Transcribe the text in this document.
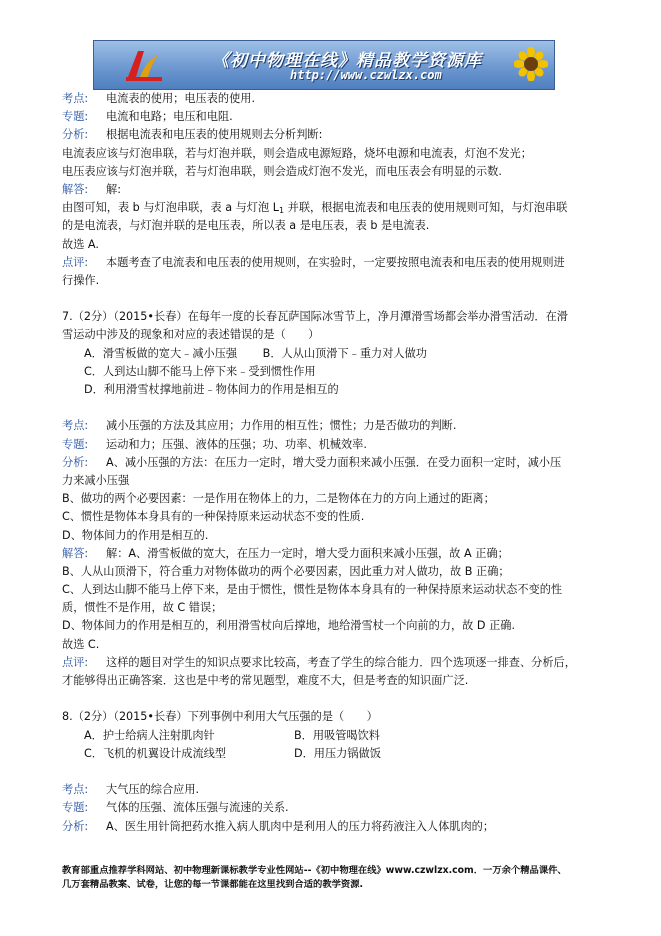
《初中物理在线》精品教学资源库
http://www.czwlzx.com
考点: 电流表的使用；电压表的使用.
专题: 电流和电路；电压和电阻.
分析: 根据电流表和电压表的使用规则去分析判断:
电流表应该与灯泡串联，若与灯泡并联，则会造成电源短路，烧坏电源和电流表，灯泡不发光；
电压表应该与灯泡并联，若与灯泡串联，则会造成灯泡不发光，而电压表会有明显的示数.
解答: 解:
由图可知，表 b 与灯泡串联，表 a 与灯泡 $L_1$ 并联，根据电流表和电压表的使用规则可知，与灯泡串联
的是电流表，与灯泡并联的是电压表，所以表 a 是电压表，表 b 是电流表.
故选 A.
点评: 本题考查了电流表和电压表的使用规则，在实验时，一定要按照电流表和电压表的使用规则进
行操作.
7.（2分）（2015•长春）在每年一度的长春瓦萨国际冰雪节上，净月潭滑雪场都会举办滑雪活动．在滑
雪运动中涉及的现象和对应的表述错误的是（　　）
A．滑雪板做的宽大﹣减小压强 B．人从山顶滑下﹣重力对人做功 C．人到达山脚不能马上停下来﹣受到惯性作用 D．利用滑雪杖撑地前进﹣物体间力的作用是相互的
考点: 减小压强的方法及其应用；力作用的相互性；惯性；力是否做功的判断.
专题: 运动和力；压强、液体的压强；功、功率、机械效率.
分析: A、减小压强的方法：在压力一定时，增大受力面积来减小压强．在受力面积一定时，减小压
力来减小压强
B、做功的两个必要因素：一是作用在物体上的力，二是物体在力的方向上通过的距离；
C、惯性是物体本身具有的一种保持原来运动状态不变的性质.
D、物体间力的作用是相互的.
解答: 解：A、滑雪板做的宽大，在压力一定时，增大受力面积来减小压强，故 A 正确；
B、人从山顶滑下，符合重力对物体做功的两个必要因素，因此重力对人做功，故 B 正确；
C、人到达山脚不能马上停下来，是由于惯性，惯性是物体本身具有的一种保持原来运动状态不变的性
质，惯性不是作用，故 C 错误；
D、物体间力的作用是相互的，利用滑雪杖向后撑地，地给滑雪杖一个向前的力，故 D 正确.
故选 C.
点评: 这样的题目对学生的知识点要求比较高，考查了学生的综合能力．四个选项逐一排查、分析后，
才能够得出正确答案．这也是中考的常见题型，难度不大，但是考查的知识面广泛.
8.（2分）（2015•长春）下列事例中利用大气压强的是（　　）
A．护士给病人注射肌肉针	B．用吸管喝饮料
C．飞机的机翼设计成流线型	D．用压力锅做饭
考点: 大气压的综合应用.
专题: 气体的压强、流体压强与流速的关系.
分析: A、医生用针筒把药水推入病人肌肉中是利用人的压力将药液注入人体肌肉的；
教育部重点推荐学科网站、初中物理新课标教学专业性网站--《初中物理在线》www.czwlzx.com．一万余个精品课件、
几万套精品教案、试卷，让您的每一节课都能在这里找到合适的教学资源.
